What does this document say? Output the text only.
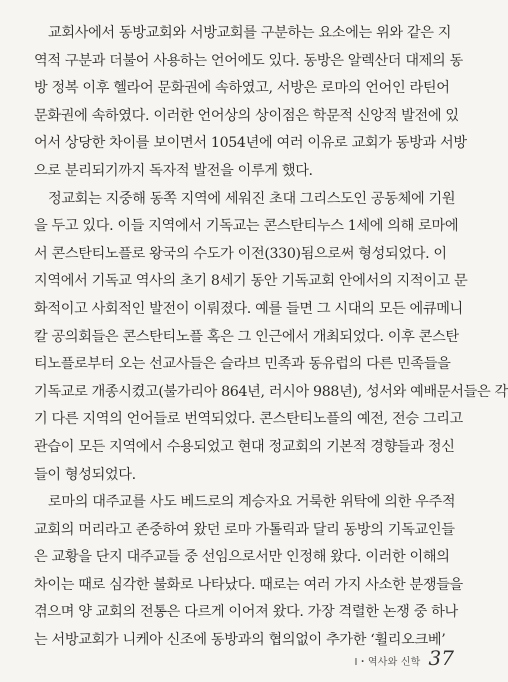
교회사에서 동방교회와 서방교회를 구분하는 요소에는 위와 같은 지
역적 구분과 더불어 사용하는 언어에도 있다. 동방은 알렉산더 대제의 동
방 정복 이후 헬라어 문화권에 속하였고, 서방은 로마의 언어인 라틴어
문화권에 속하였다. 이러한 언어상의 상이점은 학문적 신앙적 발전에 있
어서 상당한 차이를 보이면서 1054년에 여러 이유로 교회가 동방과 서방
으로 분리되기까지 독자적 발전을 이루게 했다.
정교회는 지중해 동쪽 지역에 세워진 초대 그리스도인 공동체에 기원
을 두고 있다. 이들 지역에서 기독교는 콘스탄티누스 1세에 의해 로마에
서 콘스탄티노플로 왕국의 수도가 이전(330)됨으로써 형성되었다. 이
지역에서 기독교 역사의 초기 8세기 동안 기독교회 안에서의 지적이고 문
화적이고 사회적인 발전이 이뤄졌다. 예를 들면 그 시대의 모든 에큐메니
칼 공의회들은 콘스탄티노플 혹은 그 인근에서 개최되었다. 이후 콘스탄
티노플로부터 오는 선교사들은 슬라브 민족과 동유럽의 다른 민족들을
기독교로 개종시켰고(불가리아 864년, 러시아 988년), 성서와 예배문서들은 각
기 다른 지역의 언어들로 번역되었다. 콘스탄티노플의 예전, 전승 그리고
관습이 모든 지역에서 수용되었고 현대 정교회의 기본적 경향들과 정신
들이 형성되었다.
로마의 대주교를 사도 베드로의 계승자요 거룩한 위탁에 의한 우주적
교회의 머리라고 존중하여 왔던 로마 가톨릭과 달리 동방의 기독교인들
은 교황을 단지 대주교들 중 선임으로서만 인정해 왔다. 이러한 이해의
차이는 때로 심각한 불화로 나타났다. 때로는 여러 가지 사소한 분쟁들을
겪으며 양 교회의 전통은 다르게 이어져 왔다. 가장 격렬한 논쟁 중 하나
는 서방교회가 니케아 신조에 동방과의 협의없이 추가한 ‘휠리오크베’
I・역사와 신학 37
